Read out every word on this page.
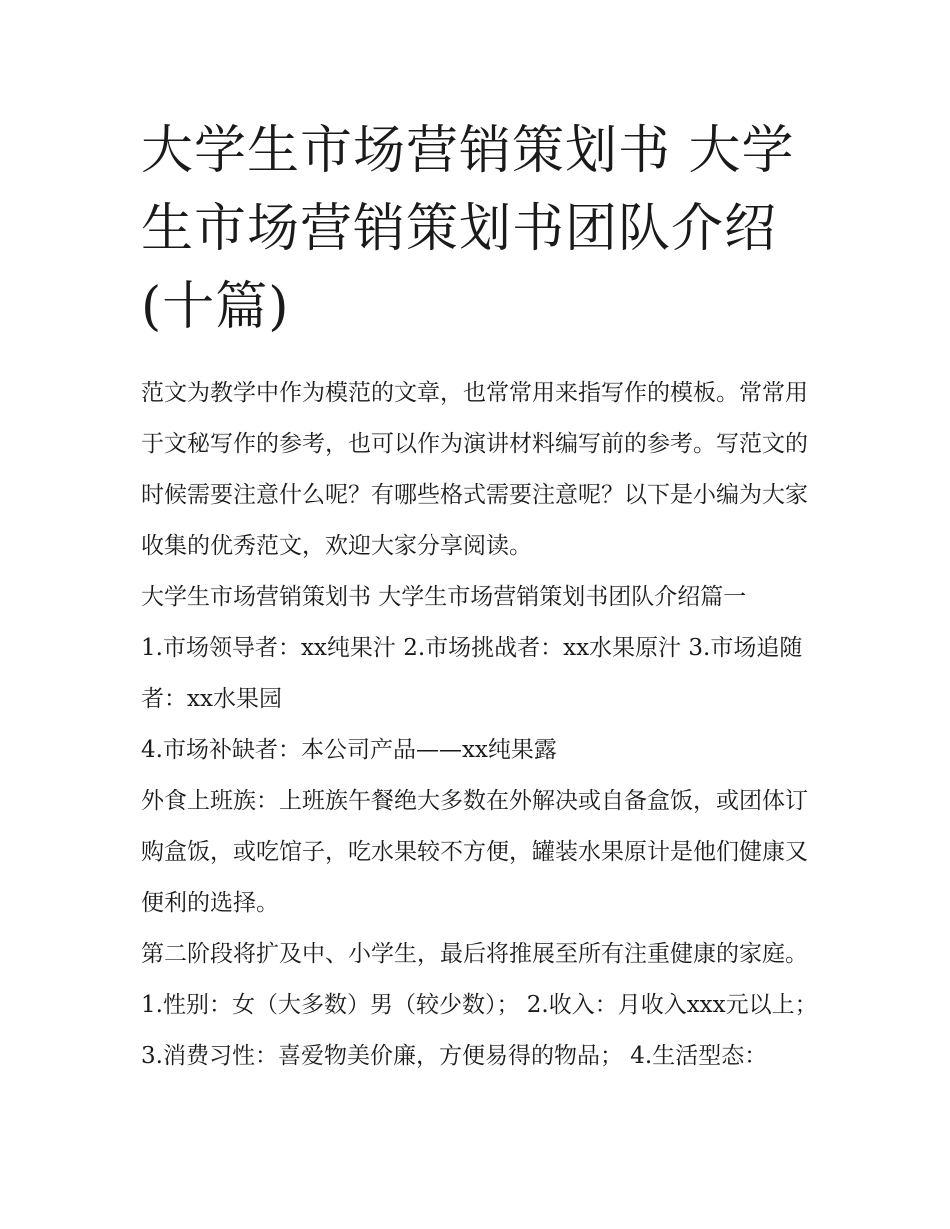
大学生市场营销策划书 大学生市场营销策划书团队介绍(十篇)

范文为教学中作为模范的文章，也常常用来指写作的模板。常常用于文秘写作的参考，也可以作为演讲材料编写前的参考。写范文的时候需要注意什么呢？有哪些格式需要注意呢？以下是小编为大家收集的优秀范文，欢迎大家分享阅读。

大学生市场营销策划书 大学生市场营销策划书团队介绍篇一

1.市场领导者：xx纯果汁 2.市场挑战者：xx水果原汁 3.市场追随者：xx水果园

4.市场补缺者：本公司产品——xx纯果露

外食上班族：上班族午餐绝大多数在外解决或自备盒饭，或团体订购盒饭，或吃馆子，吃水果较不方便，罐装水果原计是他们健康又便利的选择。

第二阶段将扩及中、小学生，最后将推展至所有注重健康的家庭。 1.性别：女（大多数）男（较少数）； 2.收入：月收入xxx元以上；

3.消费习性：喜爱物美价廉，方便易得的物品； 4.生活型态：
